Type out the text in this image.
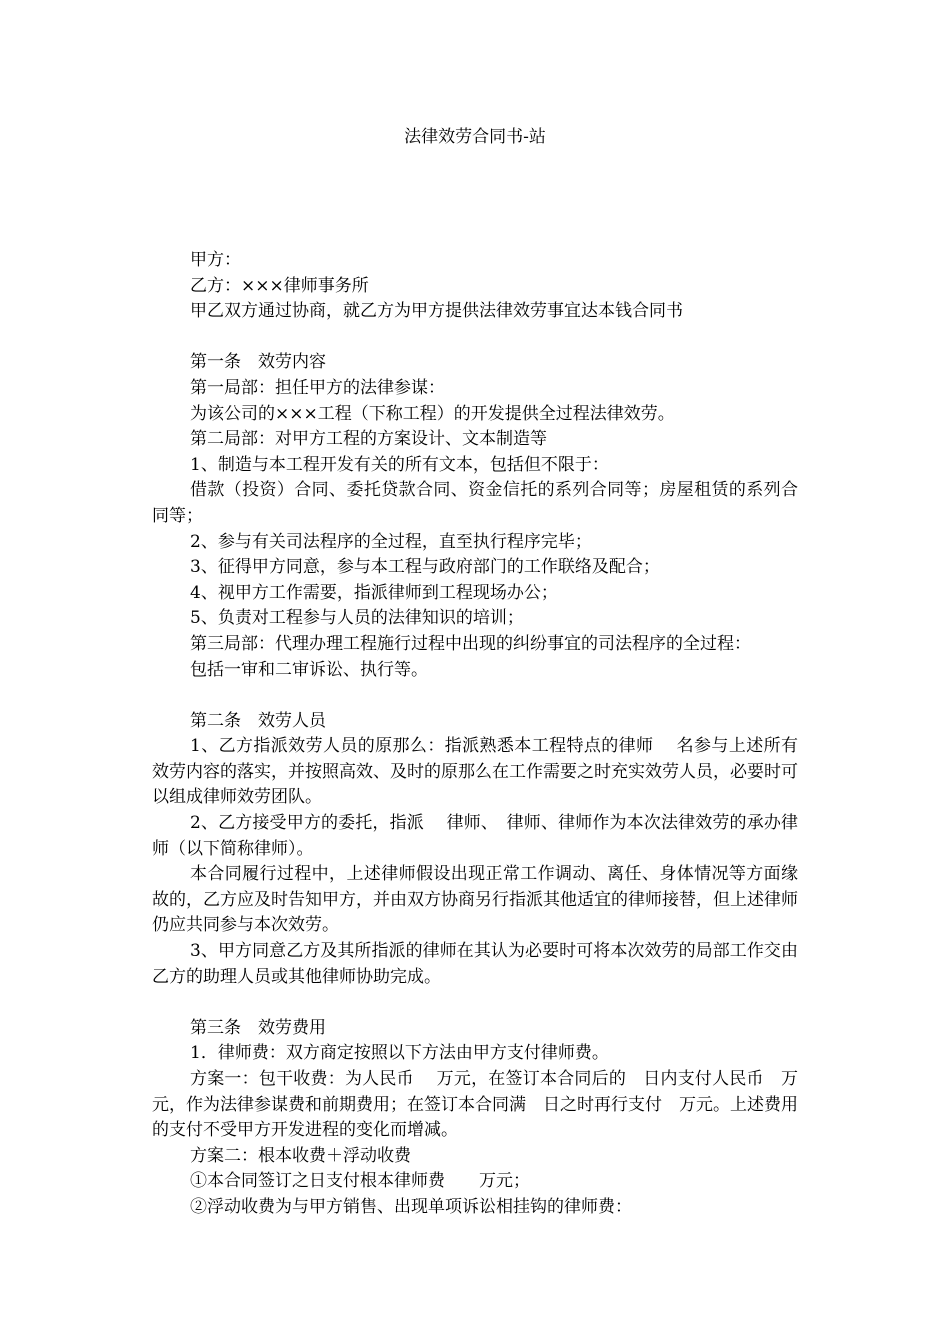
法律效劳合同书-站

甲方：

乙方：×××律师事务所

甲乙双方通过协商，就乙方为甲方提供法律效劳事宜达本钱合同书

第一条　效劳内容

第一局部：担任甲方的法律参谋：

为该公司的×××工程（下称工程）的开发提供全过程法律效劳。

第二局部：对甲方工程的方案设计、文本制造等

1、制造与本工程开发有关的所有文本，包括但不限于：

借款（投资）合同、委托贷款合同、资金信托的系列合同等；房屋租赁的系列合同等；

2、参与有关司法程序的全过程，直至执行程序完毕；

3、征得甲方同意，参与本工程与政府部门的工作联络及配合；

4、视甲方工作需要，指派律师到工程现场办公；

5、负责对工程参与人员的法律知识的培训；

第三局部：代理办理工程施行过程中出现的纠纷事宜的司法程序的全过程：

包括一审和二审诉讼、执行等。

第二条　效劳人员

1、乙方指派效劳人员的原那么：指派熟悉本工程特点的律师　 名参与上述所有效劳内容的落实，并按照高效、及时的原那么在工作需要之时充实效劳人员，必要时可以组成律师效劳团队。

2、乙方接受甲方的委托，指派　 律师、　律师、律师作为本次法律效劳的承办律师（以下简称律师）。

本合同履行过程中，上述律师假设出现正常工作调动、离任、身体情况等方面缘故的，乙方应及时告知甲方，并由双方协商另行指派其他适宜的律师接替，但上述律师仍应共同参与本次效劳。

3、甲方同意乙方及其所指派的律师在其认为必要时可将本次效劳的局部工作交由乙方的助理人员或其他律师协助完成。

第三条　效劳费用

1．律师费：双方商定按照以下方法由甲方支付律师费。

方案一：包干收费：为人民币　 万元，在签订本合同后的　日内支付人民币　万元，作为法律参谋费和前期费用；在签订本合同满　日之时再行支付　万元。上述费用的支付不受甲方开发进程的变化而增减。

方案二：根本收费＋浮动收费

①本合同签订之日支付根本律师费　　万元；

②浮动收费为与甲方销售、出现单项诉讼相挂钩的律师费：
